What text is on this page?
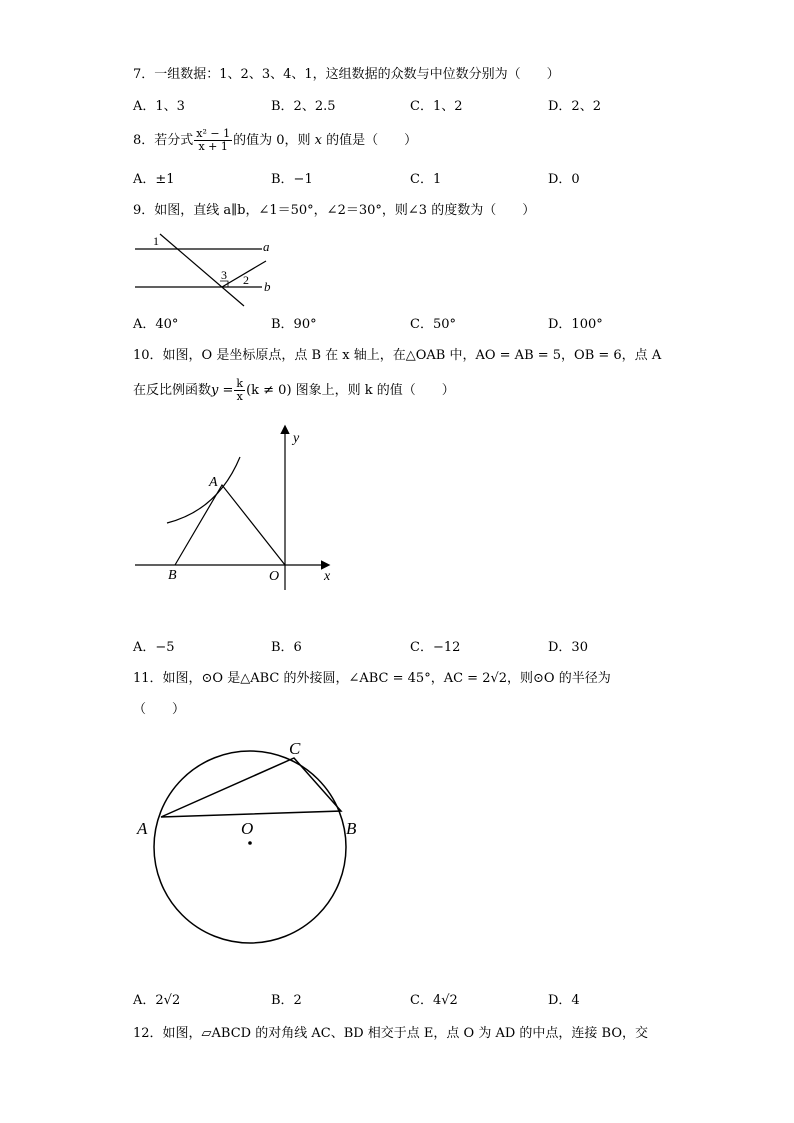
7．一组数据：1、2、3、4、1，这组数据的众数与中位数分别为（　　）
A．1、3	B．2、2.5	C．1、2	D．2、2
8．若分式 $\frac{\text{x² − 1}}{x + 1}$ 的值为 0，则 x 的值是（　　）
A．±1	B．−1	C．1	D．0
9．如图，直线 a∥b，∠1＝50°，∠2＝30°，则∠3 的度数为（　　）
1
3 2
a
b
A．40°	B．90°	C．50°	D．100°
10．如图，O 是坐标原点，点 B 在 x 轴上，在△OAB 中，AO = AB = 5，OB = 6，点 A
在反比例函数$y = \frac{k}{x} (k \ne 0)$ 图象上，则 k 的值（　　）
A
B	O	x
y
A．−5	B．6	C．−12	D．30
11．如图，⊙O 是△ABC 的外接圆，∠ABC = 45°，AC = 2√2，则⊙O 的半径为
（　　）
A	B
C
O
A．2√2	B．2	C．4√2	D．4
12．如图，▱ABCD 的对角线 AC、BD 相交于点 E，点 O 为 AD 的中点，连接 BO，交
